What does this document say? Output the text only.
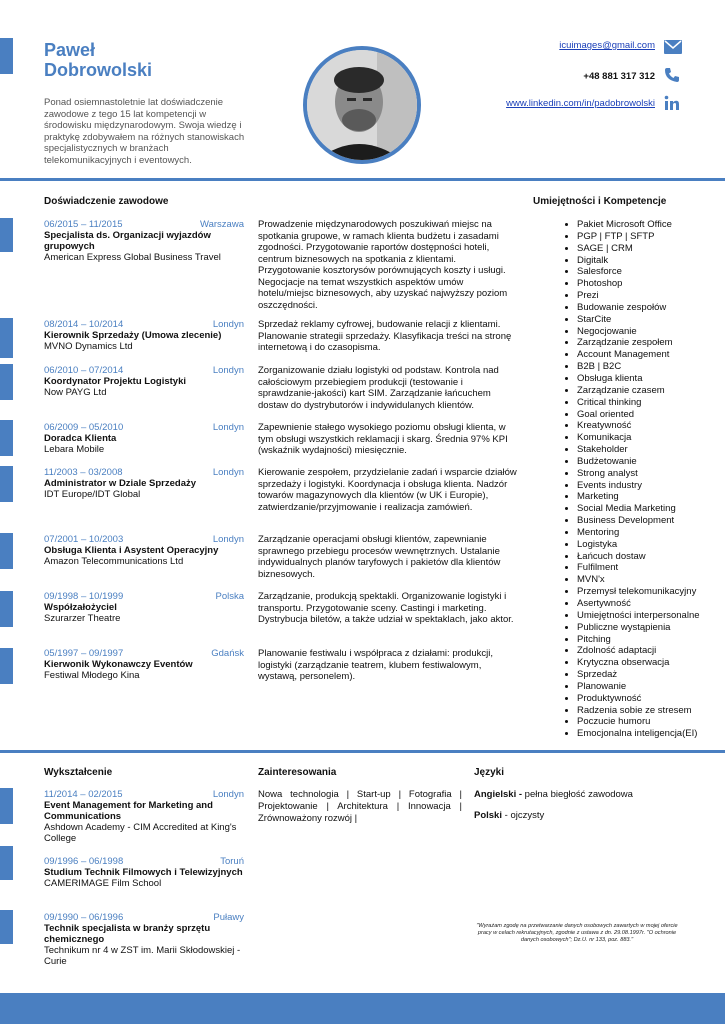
Paweł
Dobrowolski
Ponad osiemnastoletnie lat doświadczenie zawodowe z tego 15 lat kompetencji w środowisku międzynarodowym. Swoja wiedzę i praktykę zdobywałem na różnych stanowiskach specjalistycznych w branżach telekomunikacyjnych i eventowych.
icuimages@gmail.com
+48 881 317 312
www.linkedin.com/in/padobrowolski
Doświadczenie zawodowe	Umiejętności i Kompetencje
06/2015 – 11/2015	Warszawa
Specjalista ds. Organizacji wyjazdów grupowych
American Express Global Business Travel
Prowadzenie międzynarodowych poszukiwań miejsc na spotkania grupowe, w ramach klienta budżetu i zasadami zgodności. Przygotowanie raportów dostępności hoteli, centrum biznesowych na spotkania z klientami. Przygotowanie kosztorysów porównujących koszty i usługi. Negocjacje na temat wszystkich aspektów umów hotelu/miejsc biznesowych, aby uzyskać najwyższy poziom oszczędności.
08/2014 – 10/2014	Londyn
Kierownik Sprzedaży (Umowa zlecenie)
MVNO Dynamics Ltd
Sprzedaż reklamy cyfrowej, budowanie relacji z klientami. Planowanie strategii sprzedaży. Klasyfikacja treści na stronę internetową i do czasopisma.
06/2010 – 07/2014	Londyn
Koordynator Projektu Logistyki
Now PAYG Ltd
Zorganizowanie działu logistyki od podstaw. Kontrola nad całościowym przebiegiem produkcji (testowanie i sprawdzanie-jakości) kart SIM. Zarządzanie łańcuchem dostaw do dystrybutorów i indywidulanych klientów.
06/2009 – 05/2010	Londyn
Doradca Klienta
Lebara Mobile
Zapewnienie stałego wysokiego poziomu obsługi klienta, w tym obsługi wszystkich reklamacji i skarg. Średnia 97% KPI (wskaźnik wydajności) miesięcznie.
11/2003 – 03/2008	Londyn
Administrator w Dziale Sprzedaży
IDT Europe/IDT Global
Kierowanie zespołem, przydzielanie zadań i wsparcie działów sprzedaży i logistyki. Koordynacja i obsługa klienta. Nadzór towarów magazynowych dla klientów (w UK i Europie), zatwierdzanie/przyjmowanie i realizacja zamówień.
07/2001 – 10/2003	Londyn
Obsługa Klienta i Asystent Operacyjny
Amazon Telecommunications Ltd
Zarządzanie operacjami obsługi klientów, zapewnianie sprawnego przebiegu procesów wewnętrznych. Ustalanie indywidualnych planów taryfowych i pakietów dla klientów biznesowych.
09/1998 – 10/1999	Polska
Współzałożyciel
Szurarzer Theatre
Zarządzanie, produkcją spektakli. Organizowanie logistyki i transportu. Przygotowanie sceny. Castingi i marketing. Dystrybucja biletów, a także udział w spektaklach, jako aktor.
05/1997 – 09/1997	Gdańsk
Kierwonik Wykonawczy Eventów
Festiwal Młodego Kina
Planowanie festiwalu i współpraca z działami: produkcji, logistyki (zarządzanie teatrem, klubem festiwalowym, wystawą, personelem).
• Pakiet Microsoft Office
• PGP | FTP | SFTP
• SAGE | CRM
• Digitalk
• Salesforce
• Photoshop
• Prezi
• Budowanie zespołów
• StarCite
• Negocjowanie
• Zarządzanie zespołem
• Account Management
• B2B | B2C
• Obsługa klienta
• Zarządzanie czasem
• Critical thinking
• Goal oriented
• Kreatywność
• Komunikacja
• Stakeholder
• Budżetowanie
• Strong analyst
• Events industry
• Marketing
• Social Media Marketing
• Business Development
• Mentoring
• Logistyka
• Łańcuch dostaw
• Fulfilment
• MVN'x
• Przemysł telekomunikacyjny
• Asertywność
• Umiejętności interpersonalne
• Publiczne wystąpienia
• Pitching
• Zdolność adaptacji
• Krytyczna obserwacja
• Sprzedaż
• Planowanie
• Produktywność
• Radzenia sobie ze stresem
• Poczucie humoru
• Emocjonalna inteligencja(EI)
Wykształcenie	Zainteresowania	Języki
11/2014 – 02/2015	Londyn
Event Management for Marketing and Communications
Ashdown Academy - CIM Accredited at King's College
09/1996 – 06/1998	Toruń
Studium Technik Filmowych i Telewizyjnych
CAMERIMAGE Film School
09/1990 – 06/1996	Puławy
Technik specjalista w branży sprzętu chemicznego
Technikum nr 4 w ZST im. Marii Skłodowskiej - Curie
Nowa technologia | Start-up | Fotografia | Projektowanie | Architektura | Innowacja | Zrównoważony rozwój |
Angielski - pełna biegłość zawodowa
Polski - ojczysty
"Wyrażam zgodę na przetwarzanie danych osobowych zawartych w mojej ofercie pracy w celach rekrutacyjnych, zgodnie z ustawa z dn. 29.08.1997r. "O ochronie danych osobowych"; Dz.U. nr 133, poz. 883."
